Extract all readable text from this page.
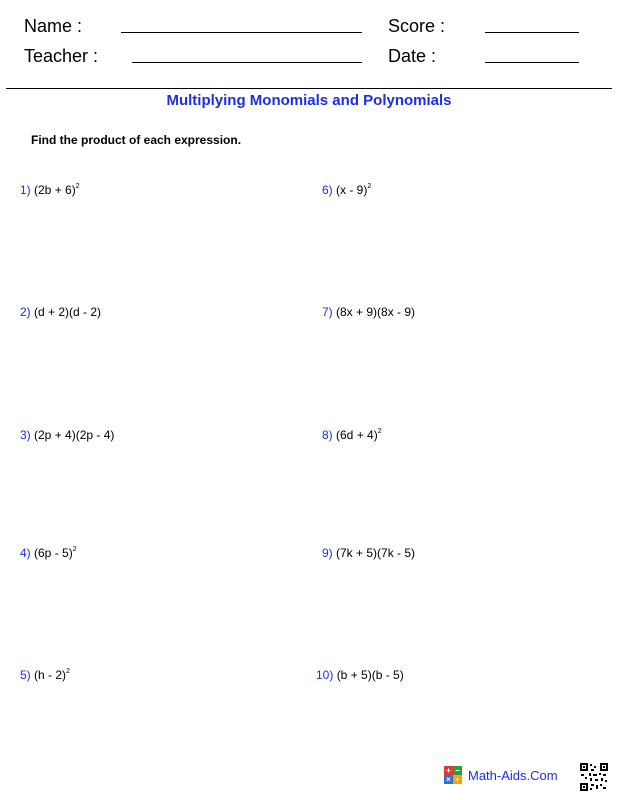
Name :
Teacher :
Score :
Date :
Multiplying Monomials and Polynomials
Find the product of each expression.
1) $(2b + 6)^2$
2) (d + 2)(d - 2)
3) (2p + 4)(2p - 4)
4) (6p - 5)$^2$
5) (h - 2)$^2$
6) (x - 9)$^2$
7) (8x + 9)(8x - 9)
8) $(6d + 4)^2$
9) (7k + 5)(7k - 5)
10) (b + 5)(b - 5)
+ −
× ÷ Math-Aids.Com
